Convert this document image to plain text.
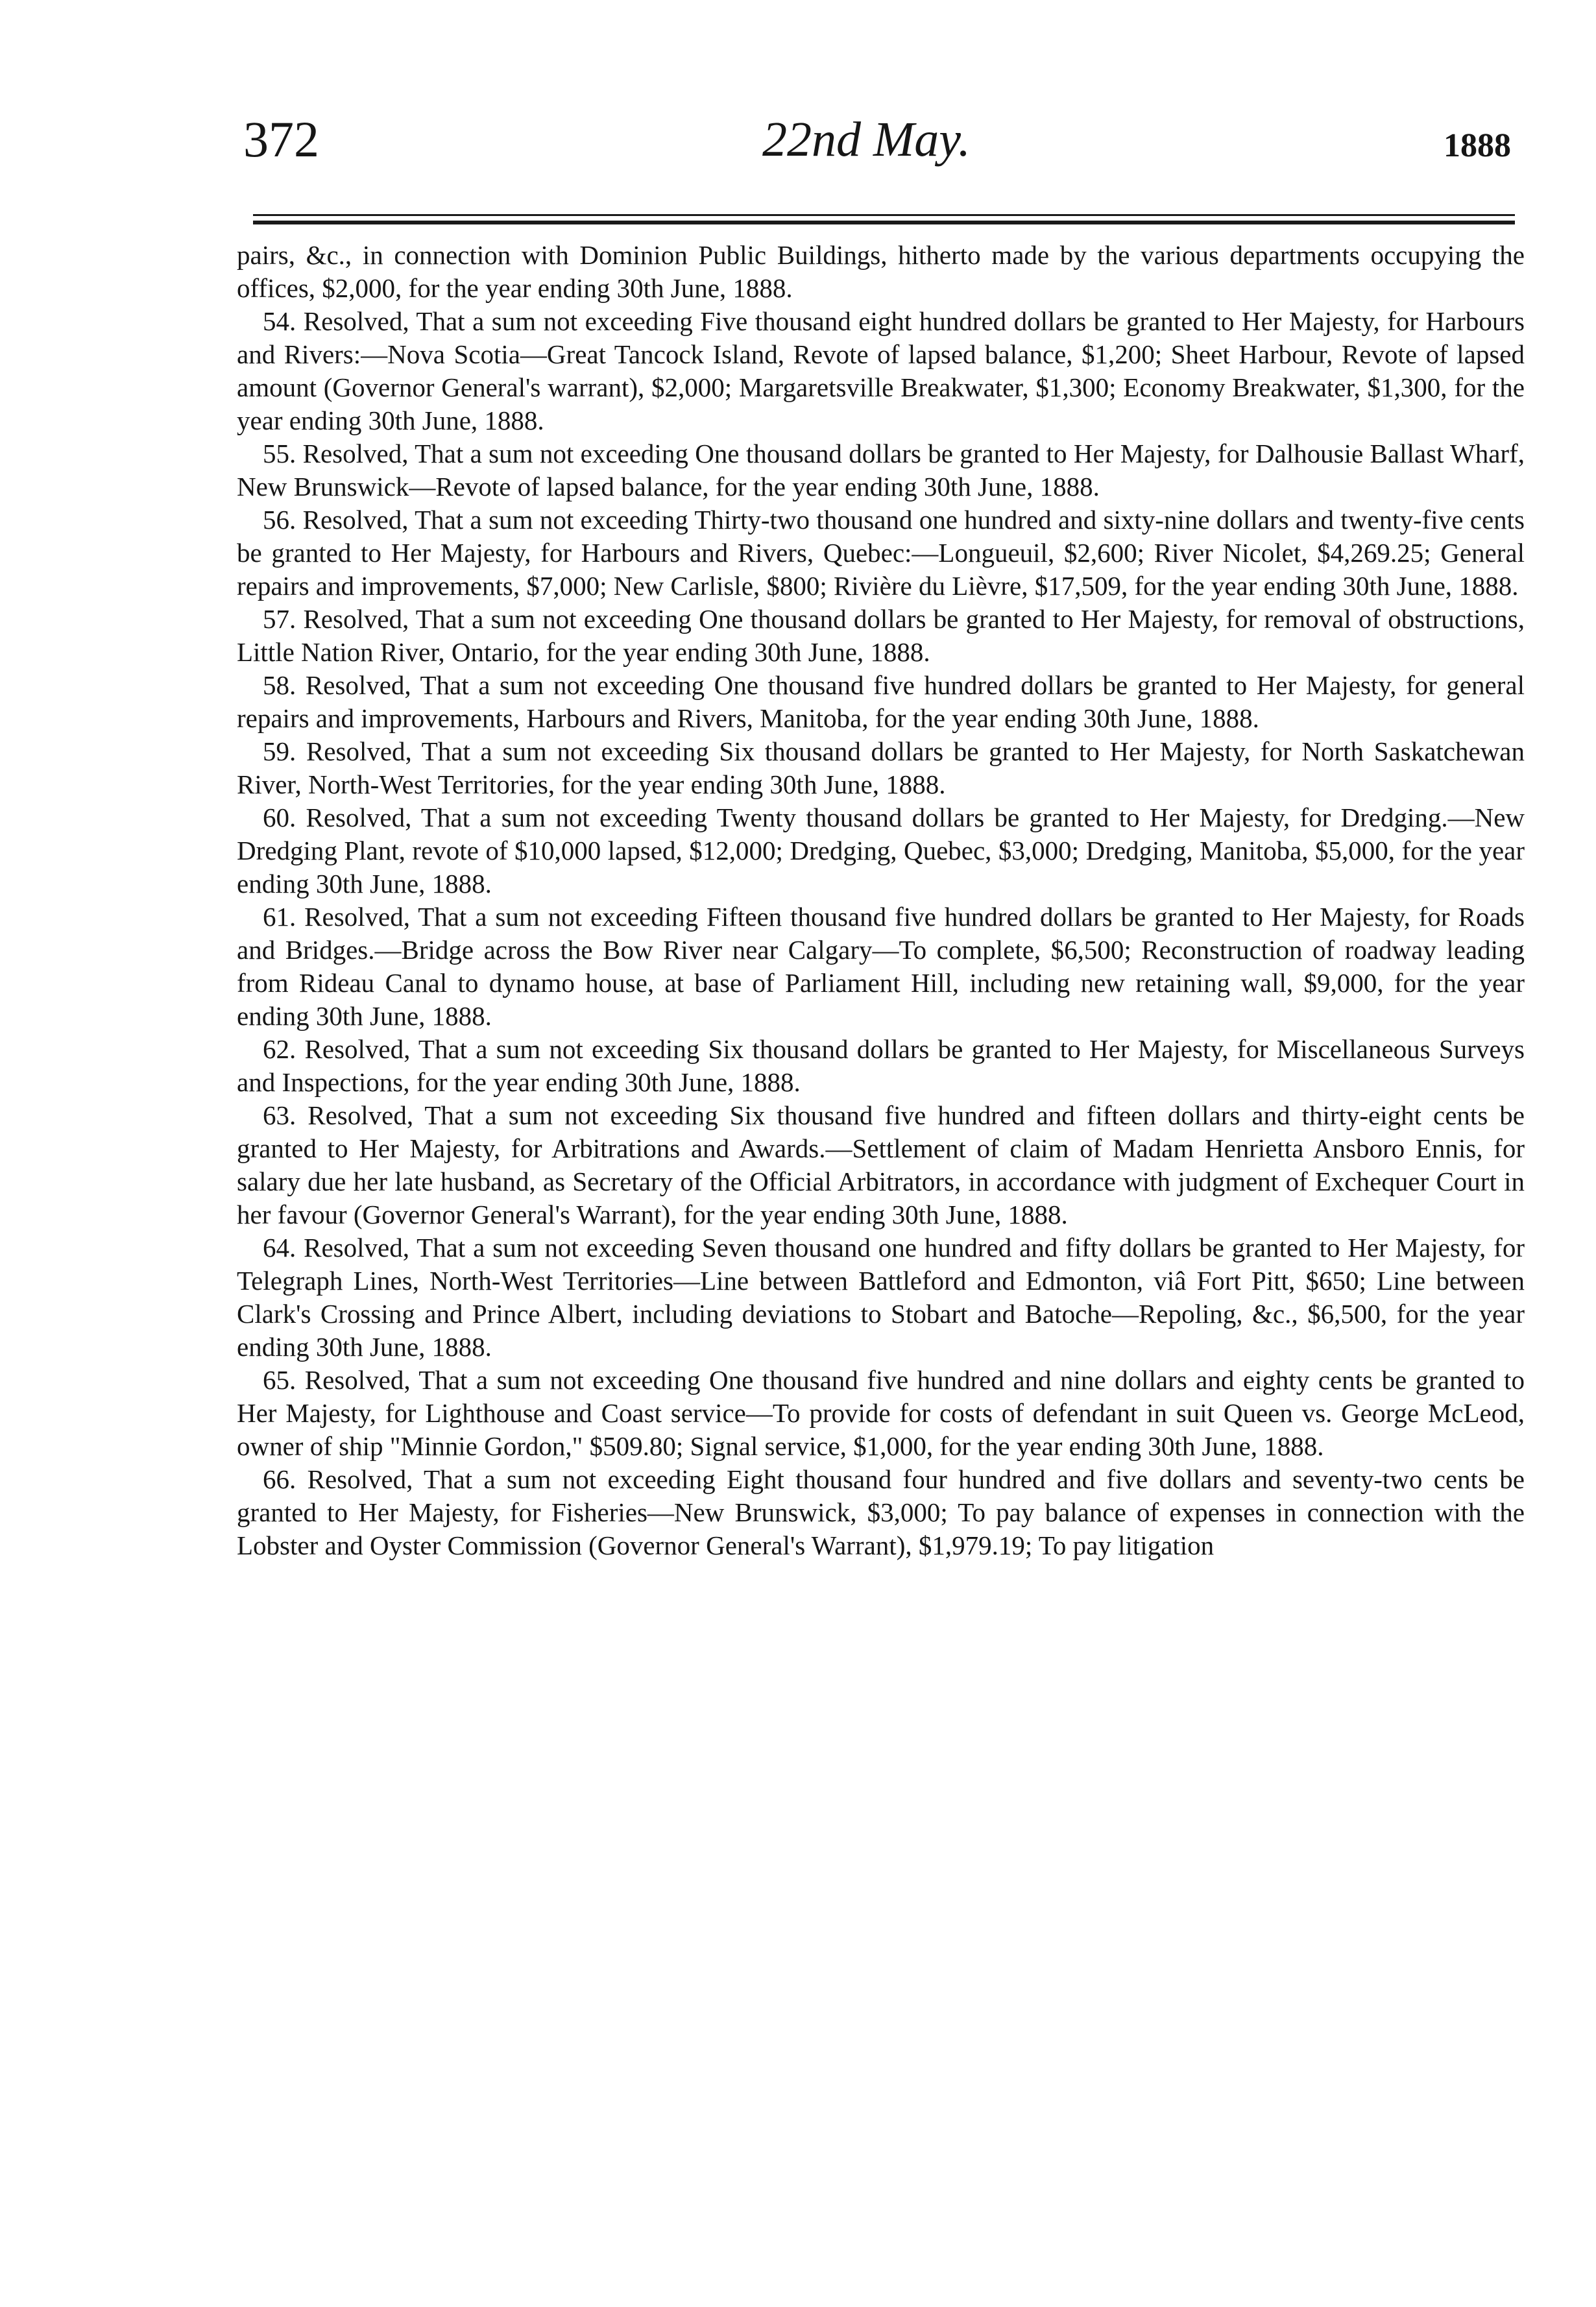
372	22nd May.	1888

pairs, &c., in connection with Dominion Public Buildings, hitherto made by the various departments occupying the offices, $2,000, for the year ending 30th June, 1888.

54. Resolved, That a sum not exceeding Five thousand eight hundred dollars be granted to Her Majesty, for Harbours and Rivers:—Nova Scotia—Great Tancock Island, Revote of lapsed balance, $1,200; Sheet Harbour, Revote of lapsed amount (Governor General's warrant), $2,000; Margaretsville Breakwater, $1,300; Economy Breakwater, $1,300, for the year ending 30th June, 1888.

55. Resolved, That a sum not exceeding One thousand dollars be granted to Her Majesty, for Dalhousie Ballast Wharf, New Brunswick—Revote of lapsed balance, for the year ending 30th June, 1888.

56. Resolved, That a sum not exceeding Thirty-two thousand one hundred and sixty-nine dollars and twenty-five cents be granted to Her Majesty, for Harbours and Rivers, Quebec:—Longueuil, $2,600; River Nicolet, $4,269.25; General repairs and improvements, $7,000; New Carlisle, $800; Rivière du Lièvre, $17,509, for the year ending 30th June, 1888.

57. Resolved, That a sum not exceeding One thousand dollars be granted to Her Majesty, for removal of obstructions, Little Nation River, Ontario, for the year ending 30th June, 1888.

58. Resolved, That a sum not exceeding One thousand five hundred dollars be granted to Her Majesty, for general repairs and improvements, Harbours and Rivers, Manitoba, for the year ending 30th June, 1888.

59. Resolved, That a sum not exceeding Six thousand dollars be granted to Her Majesty, for North Saskatchewan River, North-West Territories, for the year ending 30th June, 1888.

60. Resolved, That a sum not exceeding Twenty thousand dollars be granted to Her Majesty, for Dredging.—New Dredging Plant, revote of $10,000 lapsed, $12,000; Dredging, Quebec, $3,000; Dredging, Manitoba, $5,000, for the year ending 30th June, 1888.

61. Resolved, That a sum not exceeding Fifteen thousand five hundred dollars be granted to Her Majesty, for Roads and Bridges.—Bridge across the Bow River near Calgary—To complete, $6,500; Reconstruction of roadway leading from Rideau Canal to dynamo house, at base of Parliament Hill, including new retaining wall, $9,000, for the year ending 30th June, 1888.

62. Resolved, That a sum not exceeding Six thousand dollars be granted to Her Majesty, for Miscellaneous Surveys and Inspections, for the year ending 30th June, 1888.

63. Resolved, That a sum not exceeding Six thousand five hundred and fifteen dollars and thirty-eight cents be granted to Her Majesty, for Arbitrations and Awards.—Settlement of claim of Madam Henrietta Ansboro Ennis, for salary due her late husband, as Secretary of the Official Arbitrators, in accordance with judgment of Exchequer Court in her favour (Governor General's Warrant), for the year ending 30th June, 1888.

64. Resolved, That a sum not exceeding Seven thousand one hundred and fifty dollars be granted to Her Majesty, for Telegraph Lines, North-West Territories—Line between Battleford and Edmonton, viâ Fort Pitt, $650; Line between Clark's Crossing and Prince Albert, including deviations to Stobart and Batoche—Repoling, &c., $6,500, for the year ending 30th June, 1888.

65. Resolved, That a sum not exceeding One thousand five hundred and nine dollars and eighty cents be granted to Her Majesty, for Lighthouse and Coast service—To provide for costs of defendant in suit Queen vs. George McLeod, owner of ship "Minnie Gordon," $509.80; Signal service, $1,000, for the year ending 30th June, 1888.

66. Resolved, That a sum not exceeding Eight thousand four hundred and five dollars and seventy-two cents be granted to Her Majesty, for Fisheries—New Brunswick, $3,000; To pay balance of expenses in connection with the Lobster and Oyster Commission (Governor General's Warrant), $1,979.19; To pay litigation
